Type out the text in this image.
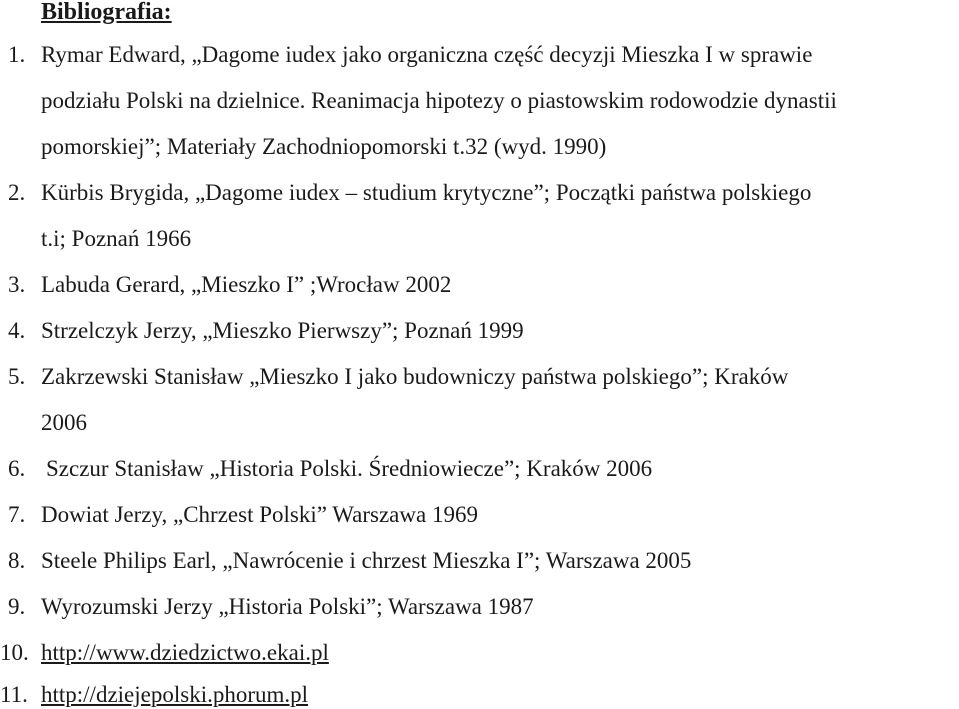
Bibliografia:

1. Rymar Edward, „Dagome iudex jako organiczna część decyzji Mieszka I w sprawie
podziału Polski na dzielnice. Reanimacja hipotezy o piastowskim rodowodzie dynastii
pomorskiej”; Materiały Zachodniopomorski t.32 (wyd. 1990)
2. Kürbis Brygida, „Dagome iudex – studium krytyczne”; Początki państwa polskiego
t.i; Poznań 1966
3. Labuda Gerard, „Mieszko I” ;Wrocław 2002
4. Strzelczyk Jerzy, „Mieszko Pierwszy”; Poznań 1999
5. Zakrzewski Stanisław „Mieszko I jako budowniczy państwa polskiego”; Kraków
2006
6. Szczur Stanisław „Historia Polski. Średniowiecze”; Kraków 2006
7. Dowiat Jerzy, „Chrzest Polski” Warszawa 1969
8. Steele Philips Earl, „Nawrócenie i chrzest Mieszka I”; Warszawa 2005
9. Wyrozumski Jerzy „Historia Polski”; Warszawa 1987
10. http://www.dziedzictwo.ekai.pl
11. http://dziejepolski.phorum.pl
